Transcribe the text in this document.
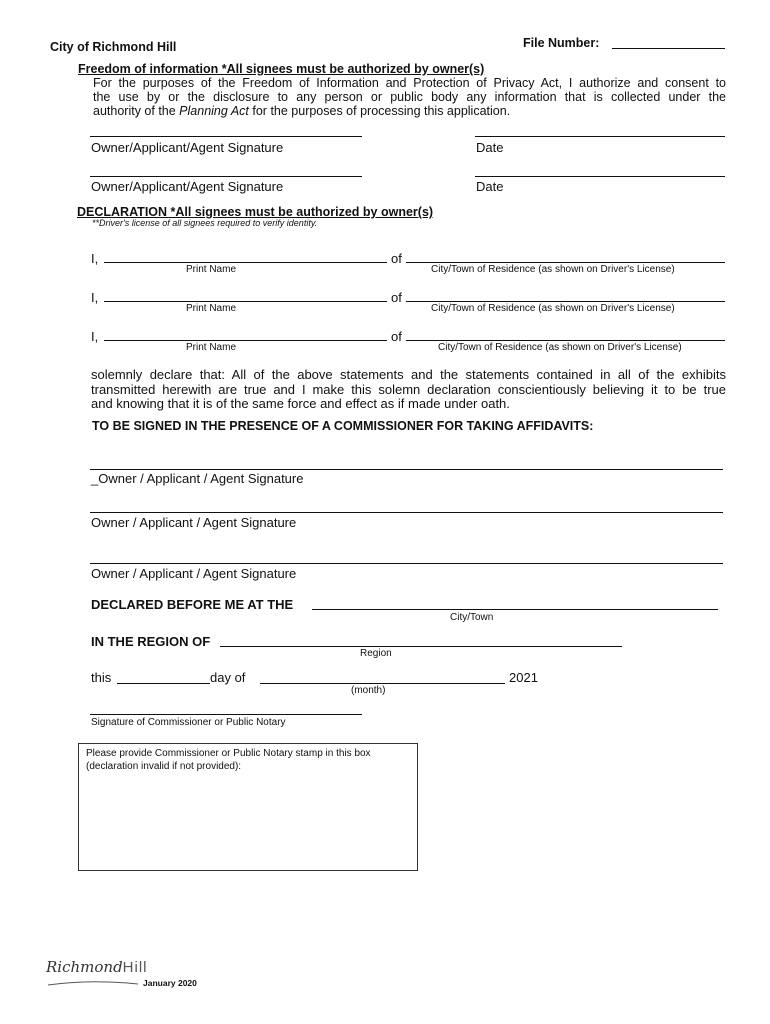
City of Richmond Hill	File Number:
Freedom of information *All signees must be authorized by owner(s)
For the purposes of the Freedom of Information and Protection of Privacy Act, I authorize and consent to
the use by or the disclosure to any person or public body any information that is collected under the
authority of the Planning Act for the purposes of processing this application.
Owner/Applicant/Agent Signature	Date
Owner/Applicant/Agent Signature	Date
DECLARATION *All signees must be authorized by owner(s)
**Driver's license of all signees required to verify identity.
I,	of
Print Name	City/Town of Residence (as shown on Driver's License)
I,	of
Print Name	City/Town of Residence (as shown on Driver's License)
I,	of
Print Name	City/Town of Residence (as shown on Driver's License)
solemnly declare that: All of the above statements and the statements contained in all of the exhibits
transmitted herewith are true and I make this solemn declaration conscientiously believing it to be true
and knowing that it is of the same force and effect as if made under oath.
TO BE SIGNED IN THE PRESENCE OF A COMMISSIONER FOR TAKING AFFIDAVITS:
_Owner / Applicant / Agent Signature
Owner / Applicant / Agent Signature
Owner / Applicant / Agent Signature
DECLARED BEFORE ME AT THE
City/Town
IN THE REGION OF
Region
this	day of	2021
(month)
Signature of Commissioner or Public Notary
Please provide Commissioner or Public Notary stamp in this box
(declaration invalid if not provided):
RichmondHill
January 2020
